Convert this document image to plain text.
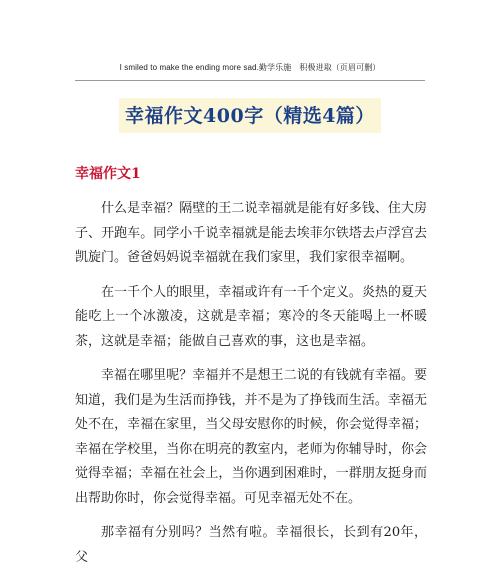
I smiled to make the ending more sad.勤学乐施　积极进取（页眉可删）
幸福作文400字（精选4篇）
幸福作文1

什么是幸福？隔壁的王二说幸福就是能有好多钱、住大房子、开跑车。同学小千说幸福就是能去埃菲尔铁塔去卢浮宫去凯旋门。爸爸妈妈说幸福就在我们家里，我们家很幸福啊。

在一千个人的眼里，幸福或许有一千个定义。炎热的夏天能吃上一个冰激凌，这就是幸福；寒冷的冬天能喝上一杯暖茶，这就是幸福；能做自己喜欢的事，这也是幸福。

幸福在哪里呢？幸福并不是想王二说的有钱就有幸福。要知道，我们是为生活而挣钱，并不是为了挣钱而生活。幸福无处不在，幸福在家里，当父母安慰你的时候，你会觉得幸福；幸福在学校里，当你在明亮的教室内，老师为你辅导时，你会觉得幸福；幸福在社会上，当你遇到困难时，一群朋友挺身而出帮助你时，你会觉得幸福。可见幸福无处不在。

那幸福有分别吗？当然有啦。幸福很长，长到有20年，父
